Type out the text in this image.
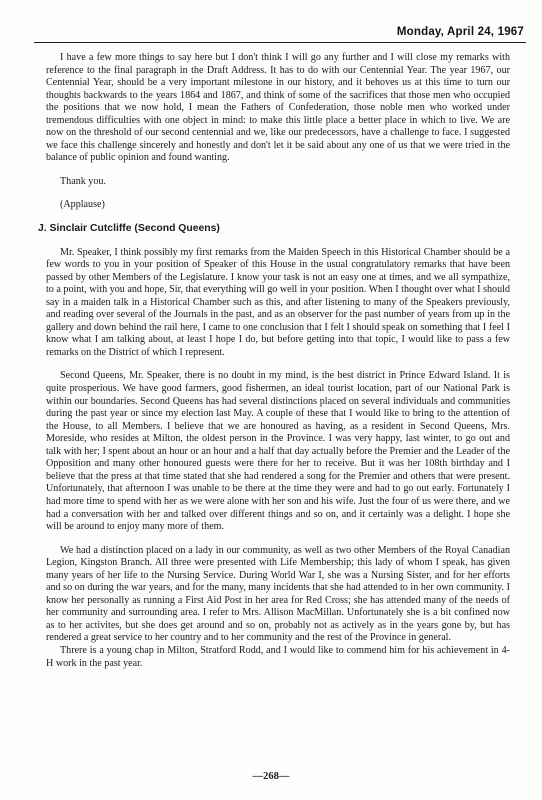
Monday, April 24, 1967

I have a few more things to say here but I don't think I will go any further and I will close my remarks with reference to the final paragraph in the Draft Address. It has to do with our Centennial Year. The year 1967, our Centennial Year, should be a very important milestone in our history, and it behoves us at this time to turn our thoughts backwards to the years 1864 and 1867, and think of some of the sacrifices that those men who occupied the positions that we now hold, I mean the Fathers of Confederation, those noble men who worked under tremendous difficulties with one object in mind: to make this little place a better place in which to live. We are now on the threshold of our second centennial and we, like our predecessors, have a challenge to face. I suggested we face this challenge sincerely and honestly and don't let it be said about any one of us that we were tried in the balance of public opinion and found wanting.

Thank you.

(Applause)

J. Sinclair Cutcliffe (Second Queens)

Mr. Speaker, I think possibly my first remarks from the Maiden Speech in this Historical Chamber should be a few words to you in your position of Speaker of this House in the usual congratulatory remarks that have been passed by other Members of the Legislature. I know your task is not an easy one at times, and we all sympathize, to a point, with you and hope, Sir, that everything will go well in your position. When I thought over what I should say in a maiden talk in a Historical Chamber such as this, and after listening to many of the Speakers previously, and reading over several of the Journals in the past, and as an observer for the past number of years from up in the gallery and down behind the rail here, I came to one conclusion that I felt I should speak on something that I feel I know what I am talking about, at least I hope I do, but before getting into that topic, I would like to pass a few remarks on the District of which I represent.

Second Queens, Mr. Speaker, there is no doubt in my mind, is the best district in Prince Edward Island. It is quite prosperious. We have good farmers, good fishermen, an ideal tourist location, part of our National Park is within our boundaries. Second Queens has had several distinctions placed on several individuals and communities during the past year or since my election last May. A couple of these that I would like to bring to the attention of the House, to all Members. I believe that we are honoured as having, as a resident in Second Queens, Mrs. Moreside, who resides at Milton, the oldest person in the Province. I was very happy, last winter, to go out and talk with her; I spent about an hour or an hour and a half that day actually before the Premier and the Leader of the Opposition and many other honoured guests were there for her to receive. But it was her 108th birthday and I believe that the press at that time stated that she had rendered a song for the Premier and others that were present. Unfortunately, that afternoon I was unable to be there at the time they were and had to go out early. Fortunately I had more time to spend with her as we were alone with her son and his wife. Just the four of us were there, and we had a conversation with her and talked over different things and so on, and it certainly was a delight. I hope she will be around to enjoy many more of them.

We had a distinction placed on a lady in our community, as well as two other Members of the Royal Canadian Legion, Kingston Branch. All three were presented with Life Membership; this lady of whom I speak, has given many years of her life to the Nursing Service. During World War I, she was a Nursing Sister, and for her efforts and so on during the war years, and for the many, many incidents that she had attended to in her own community. I know her personally as running a First Aid Post in her area for Red Cross; she has attended many of the needs of her community and surrounding area. I refer to Mrs. Allison MacMillan. Unfortunately she is a bit confined now as to her activites, but she does get around and so on, probably not as actively as in the years gone by, but has rendered a great service to her country and to her community and the rest of the Province in general.

Threre is a young chap in Milton, Stratford Rodd, and I would like to commend him for his achievement in 4-H work in the past year.

—268—
